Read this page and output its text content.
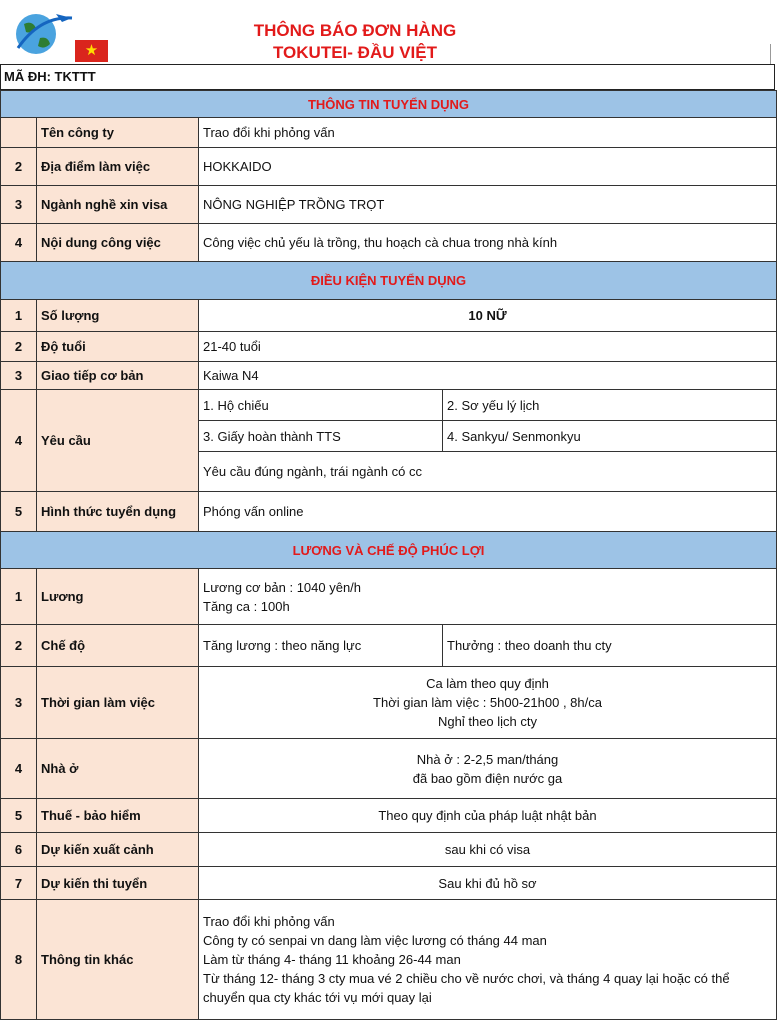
★
THÔNG BÁO ĐƠN HÀNG
TOKUTEI- ĐẦU VIỆT
MÃ ĐH: TKTTT
THÔNG TIN TUYỂN DỤNG			
	Tên công ty	Trao đổi khi phỏng vấn	
2	Địa điểm làm việc	HOKKAIDO	
3	Ngành nghề xin visa	NÔNG NGHIỆP TRỒNG TRỌT	
4	Nội dung công việc	Công việc chủ yếu là trồng, thu hoạch cà chua trong nhà kính	
ĐIỀU KIỆN TUYỂN DỤNG			
1	Số lượng	10 NỮ	
2	Độ tuổi	21-40 tuổi	
3	Giao tiếp cơ bản	Kaiwa N4	
4	Yêu cầu	1. Hộ chiếu	2. Sơ yếu lý lịch
		3. Giấy hoàn thành TTS	4. Sankyu/ Senmonkyu
		Yêu cầu đúng ngành, trái ngành có cc	
5	Hình thức tuyển dụng	Phóng vấn online	
LƯƠNG VÀ CHẾ ĐỘ PHÚC LỢI			
1	Lương	Lương cơ bản : 1040 yên/h
Tăng ca : 100h	

2	Chế độ	Tăng lương : theo năng lực	Thưởng : theo doanh thu cty
3	Thời gian làm việc	Ca làm theo quy định
Thời gian làm việc : 5h00-21h00 , 8h/ca
Nghỉ theo lịch cty	

4	Nhà ở	Nhà ở : 2-2,5 man/tháng
đã bao gồm điện nước ga	

5	Thuế - bảo hiểm	Theo quy định của pháp luật nhật bản	
6	Dự kiến xuất cảnh	sau khi có visa	
7	Dự kiến thi tuyển	Sau khi đủ hồ sơ	
8	Thông tin khác	Trao đổi khi phỏng vấn
Công ty có senpai vn dang làm việc lương có tháng 44 man
Làm từ tháng 4- tháng 11 khoảng 26-44 man
Từ tháng 12- tháng 3 cty mua vé 2 chiều cho về nước chơi, và tháng 4 quay lại hoặc có thể chuyển qua cty khác tới vụ mới quay lại	
